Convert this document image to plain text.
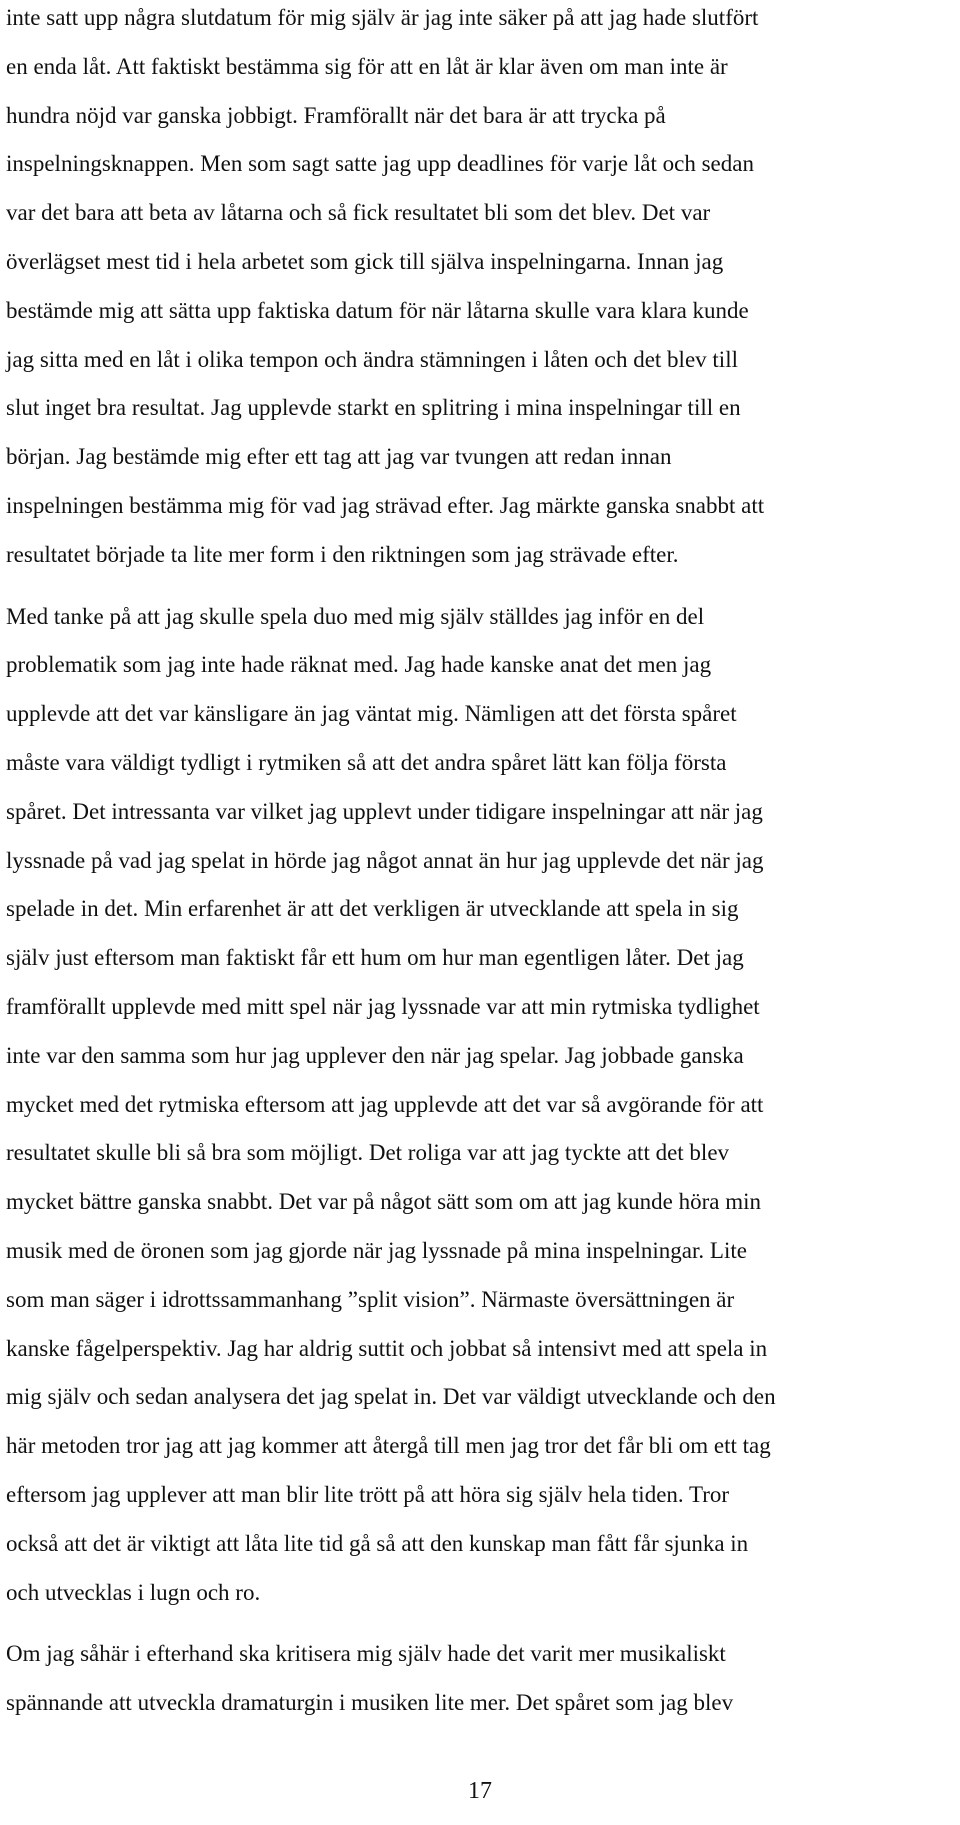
inte satt upp några slutdatum för mig själv är jag inte säker på att jag hade slutfört
en enda låt. Att faktiskt bestämma sig för att en låt är klar även om man inte är
hundra nöjd var ganska jobbigt. Framförallt när det bara är att trycka på
inspelningsknappen. Men som sagt satte jag upp deadlines för varje låt och sedan
var det bara att beta av låtarna och så fick resultatet bli som det blev. Det var
överlägset mest tid i hela arbetet som gick till själva inspelningarna. Innan jag
bestämde mig att sätta upp faktiska datum för när låtarna skulle vara klara kunde
jag sitta med en låt i olika tempon och ändra stämningen i låten och det blev till
slut inget bra resultat. Jag upplevde starkt en splitring i mina inspelningar till en
början. Jag bestämde mig efter ett tag att jag var tvungen att redan innan
inspelningen bestämma mig för vad jag strävad efter. Jag märkte ganska snabbt att
resultatet började ta lite mer form i den riktningen som jag strävade efter.

Med tanke på att jag skulle spela duo med mig själv ställdes jag inför en del
problematik som jag inte hade räknat med. Jag hade kanske anat det men jag
upplevde att det var känsligare än jag väntat mig. Nämligen att det första spåret
måste vara väldigt tydligt i rytmiken så att det andra spåret lätt kan följa första
spåret. Det intressanta var vilket jag upplevt under tidigare inspelningar att när jag
lyssnade på vad jag spelat in hörde jag något annat än hur jag upplevde det när jag
spelade in det. Min erfarenhet är att det verkligen är utvecklande att spela in sig
själv just eftersom man faktiskt får ett hum om hur man egentligen låter. Det jag
framförallt upplevde med mitt spel när jag lyssnade var att min rytmiska tydlighet
inte var den samma som hur jag upplever den när jag spelar. Jag jobbade ganska
mycket med det rytmiska eftersom att jag upplevde att det var så avgörande för att
resultatet skulle bli så bra som möjligt. Det roliga var att jag tyckte att det blev
mycket bättre ganska snabbt. Det var på något sätt som om att jag kunde höra min
musik med de öronen som jag gjorde när jag lyssnade på mina inspelningar. Lite
som man säger i idrottssammanhang ”split vision”. Närmaste översättningen är
kanske fågelperspektiv. Jag har aldrig suttit och jobbat så intensivt med att spela in
mig själv och sedan analysera det jag spelat in. Det var väldigt utvecklande och den
här metoden tror jag att jag kommer att återgå till men jag tror det får bli om ett tag
eftersom jag upplever att man blir lite trött på att höra sig själv hela tiden. Tror
också att det är viktigt att låta lite tid gå så att den kunskap man fått får sjunka in
och utvecklas i lugn och ro.

Om jag såhär i efterhand ska kritisera mig själv hade det varit mer musikaliskt
spännande att utveckla dramaturgin i musiken lite mer. Det spåret som jag blev

17
